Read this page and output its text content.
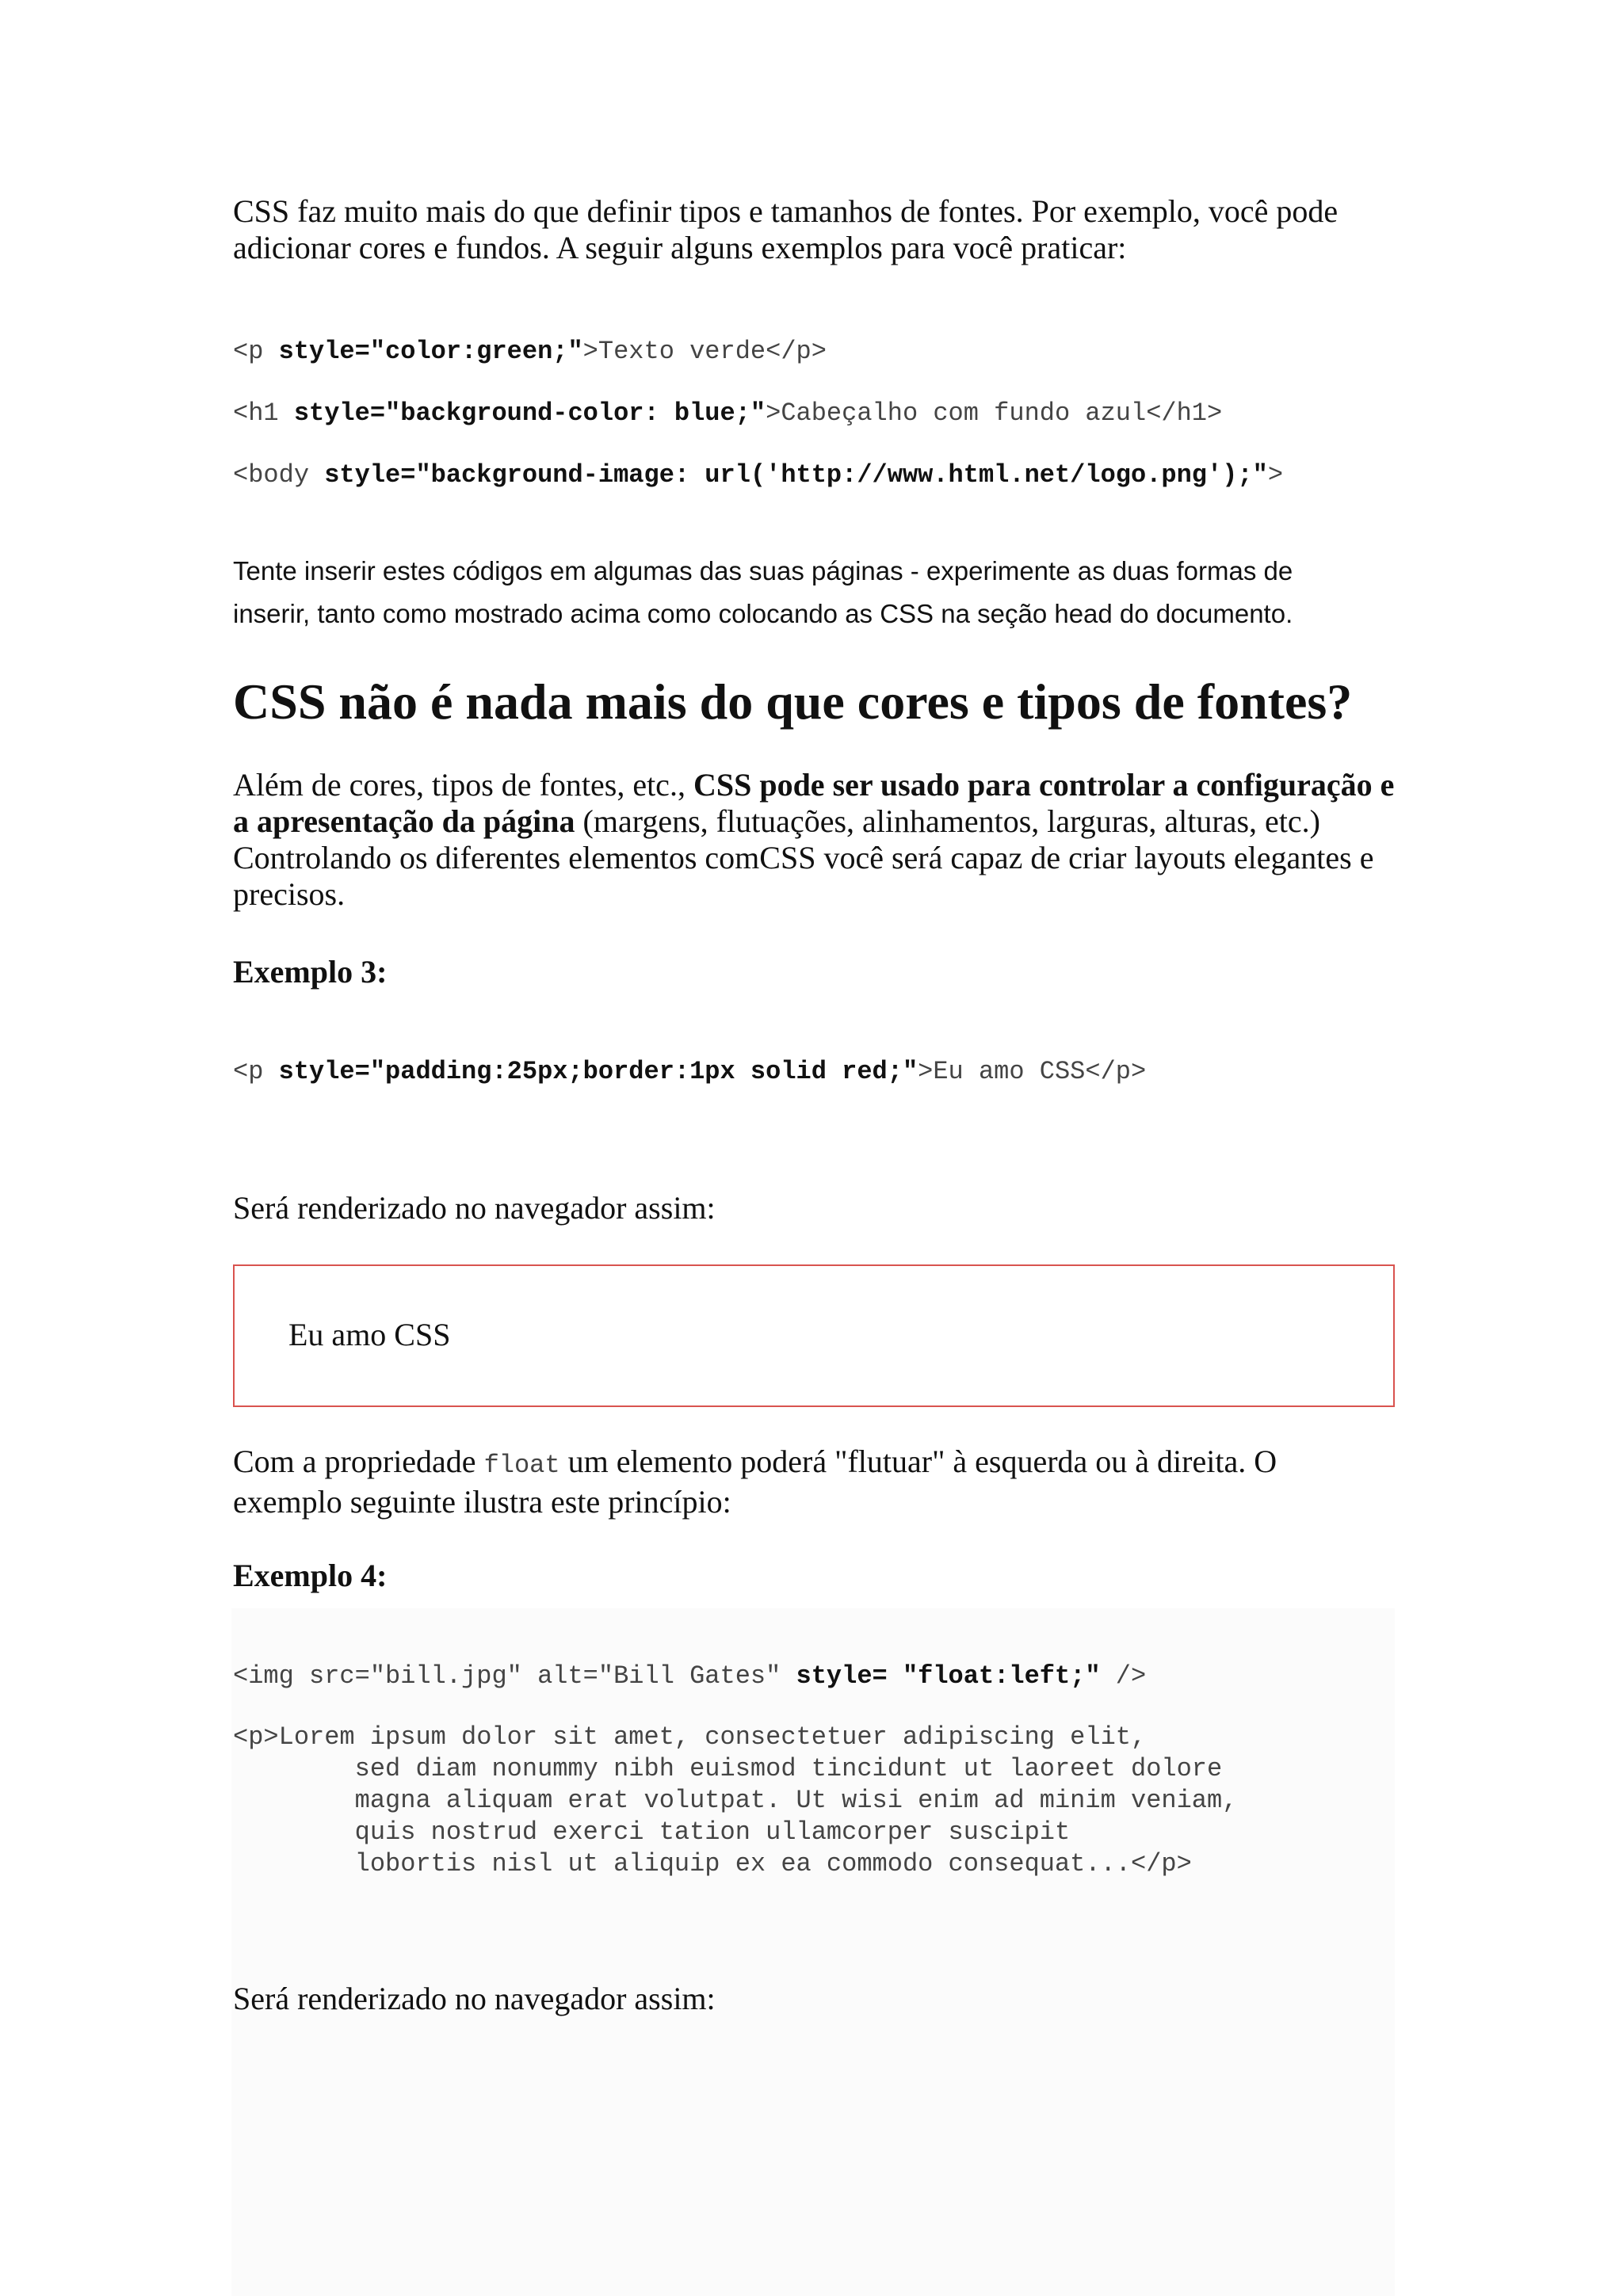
CSS faz muito mais do que definir tipos e tamanhos de fontes. Por exemplo, você pode
adicionar cores e fundos. A seguir alguns exemplos para você praticar:

<p style="color:green;">Texto verde</p>
<h1 style="background-color: blue;">Cabeçalho com fundo azul</h1>
<body style="background-image: url('http://www.html.net/logo.png');">

Tente inserir estes códigos em algumas das suas páginas - experimente as duas formas de
inserir, tanto como mostrado acima como colocando as CSS na seção head do documento.

CSS não é nada mais do que cores e tipos de fontes?

Além de cores, tipos de fontes, etc., CSS pode ser usado para controlar a configuração e a apresentação da página (margens, flutuações, alinhamentos, larguras, alturas, etc.) Controlando os diferentes elementos comCSS você será capaz de criar layouts elegantes e precisos.

Exemplo 3:
<p style="padding:25px;border:1px solid red;">Eu amo CSS</p>
Será renderizado no navegador assim:
Eu amo CSS

Com a propriedade float um elemento poderá "flutuar" à esquerda ou à direita. O
exemplo seguinte ilustra este princípio:

Exemplo 4:
<img src="bill.jpg" alt="Bill Gates" style= "float:left;" />
<p>Lorem ipsum dolor sit amet, consectetuer adipiscing elit,
sed diam nonummy nibh euismod tincidunt ut laoreet dolore
magna aliquam erat volutpat. Ut wisi enim ad minim veniam,
quis nostrud exerci tation ullamcorper suscipit
lobortis nisl ut aliquip ex ea commodo consequat...</p>
Será renderizado no navegador assim:
